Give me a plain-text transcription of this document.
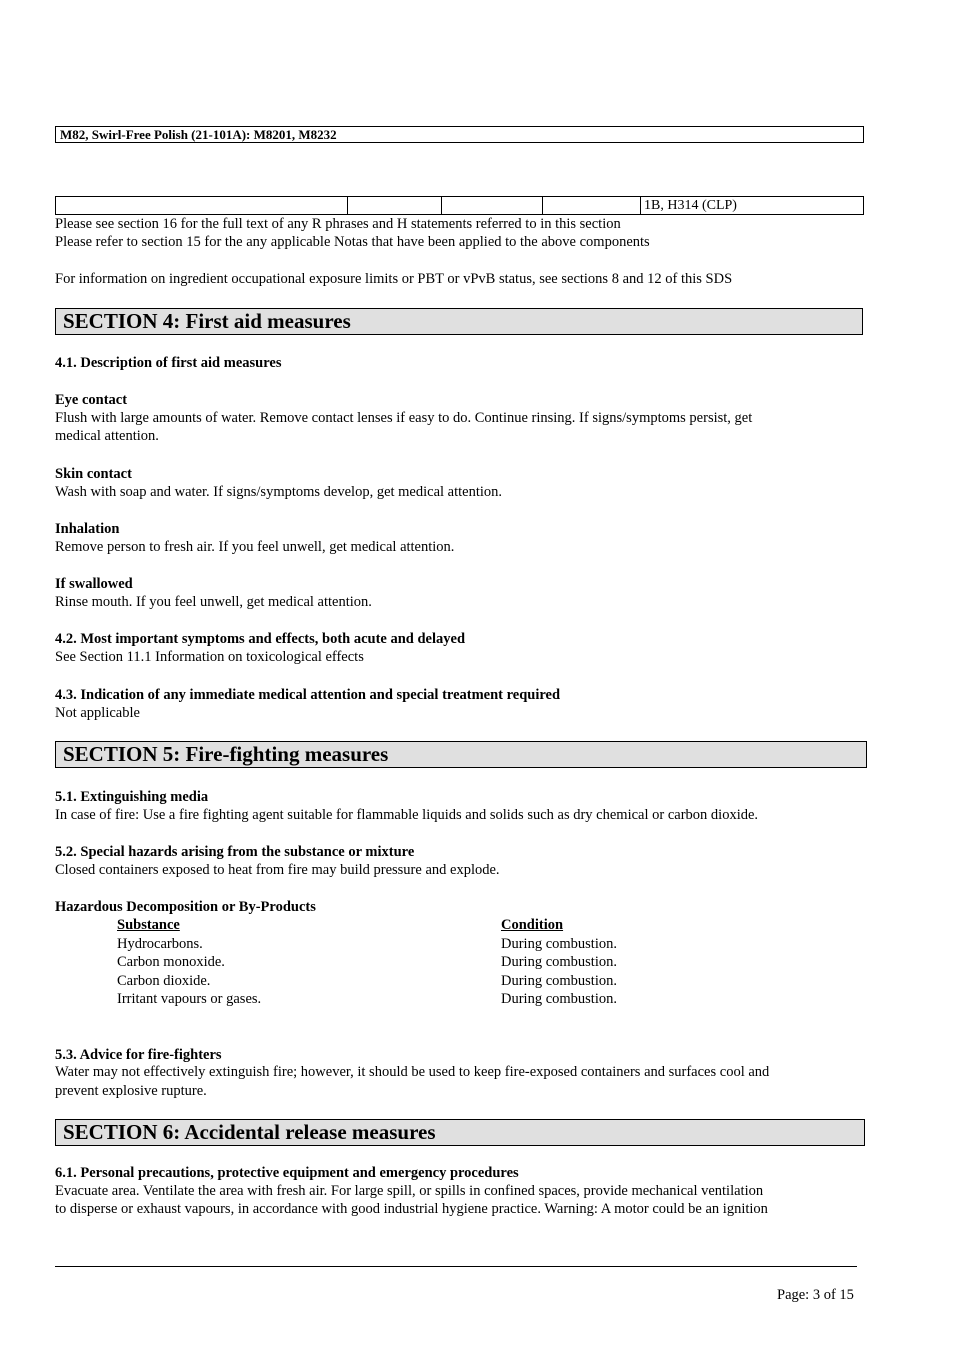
M82, Swirl-Free Polish (21-101A): M8201, M8232
				1B, H314 (CLP)
Please see section 16 for the full text of any R phrases and H statements referred to in this section
Please refer to section 15 for the any applicable Notas that have been applied to the above components
For information on ingredient occupational exposure limits or PBT or vPvB status, see sections 8 and 12 of this SDS
SECTION 4: First aid measures
4.1. Description of first aid measures
Eye contact
Flush with large amounts of water. Remove contact lenses if easy to do. Continue rinsing. If signs/symptoms persist, get
medical attention.
Skin contact
Wash with soap and water. If signs/symptoms develop, get medical attention.
Inhalation
Remove person to fresh air. If you feel unwell, get medical attention.
If swallowed
Rinse mouth. If you feel unwell, get medical attention.
4.2. Most important symptoms and effects, both acute and delayed
See Section 11.1 Information on toxicological effects
4.3. Indication of any immediate medical attention and special treatment required
Not applicable
SECTION 5: Fire-fighting measures
5.1. Extinguishing media
In case of fire: Use a fire fighting agent suitable for flammable liquids and solids such as dry chemical or carbon dioxide.
5.2. Special hazards arising from the substance or mixture
Closed containers exposed to heat from fire may build pressure and explode.
Hazardous Decomposition or By-Products
Substance	Condition
Hydrocarbons.	During combustion.
Carbon monoxide.	During combustion.
Carbon dioxide.	During combustion.
Irritant vapours or gases.	During combustion.
5.3. Advice for fire-fighters
Water may not effectively extinguish fire; however, it should be used to keep fire-exposed containers and surfaces cool and
prevent explosive rupture.
SECTION 6: Accidental release measures
6.1. Personal precautions, protective equipment and emergency procedures
Evacuate area. Ventilate the area with fresh air. For large spill, or spills in confined spaces, provide mechanical ventilation
to disperse or exhaust vapours, in accordance with good industrial hygiene practice. Warning: A motor could be an ignition
Page: 3 of 15
